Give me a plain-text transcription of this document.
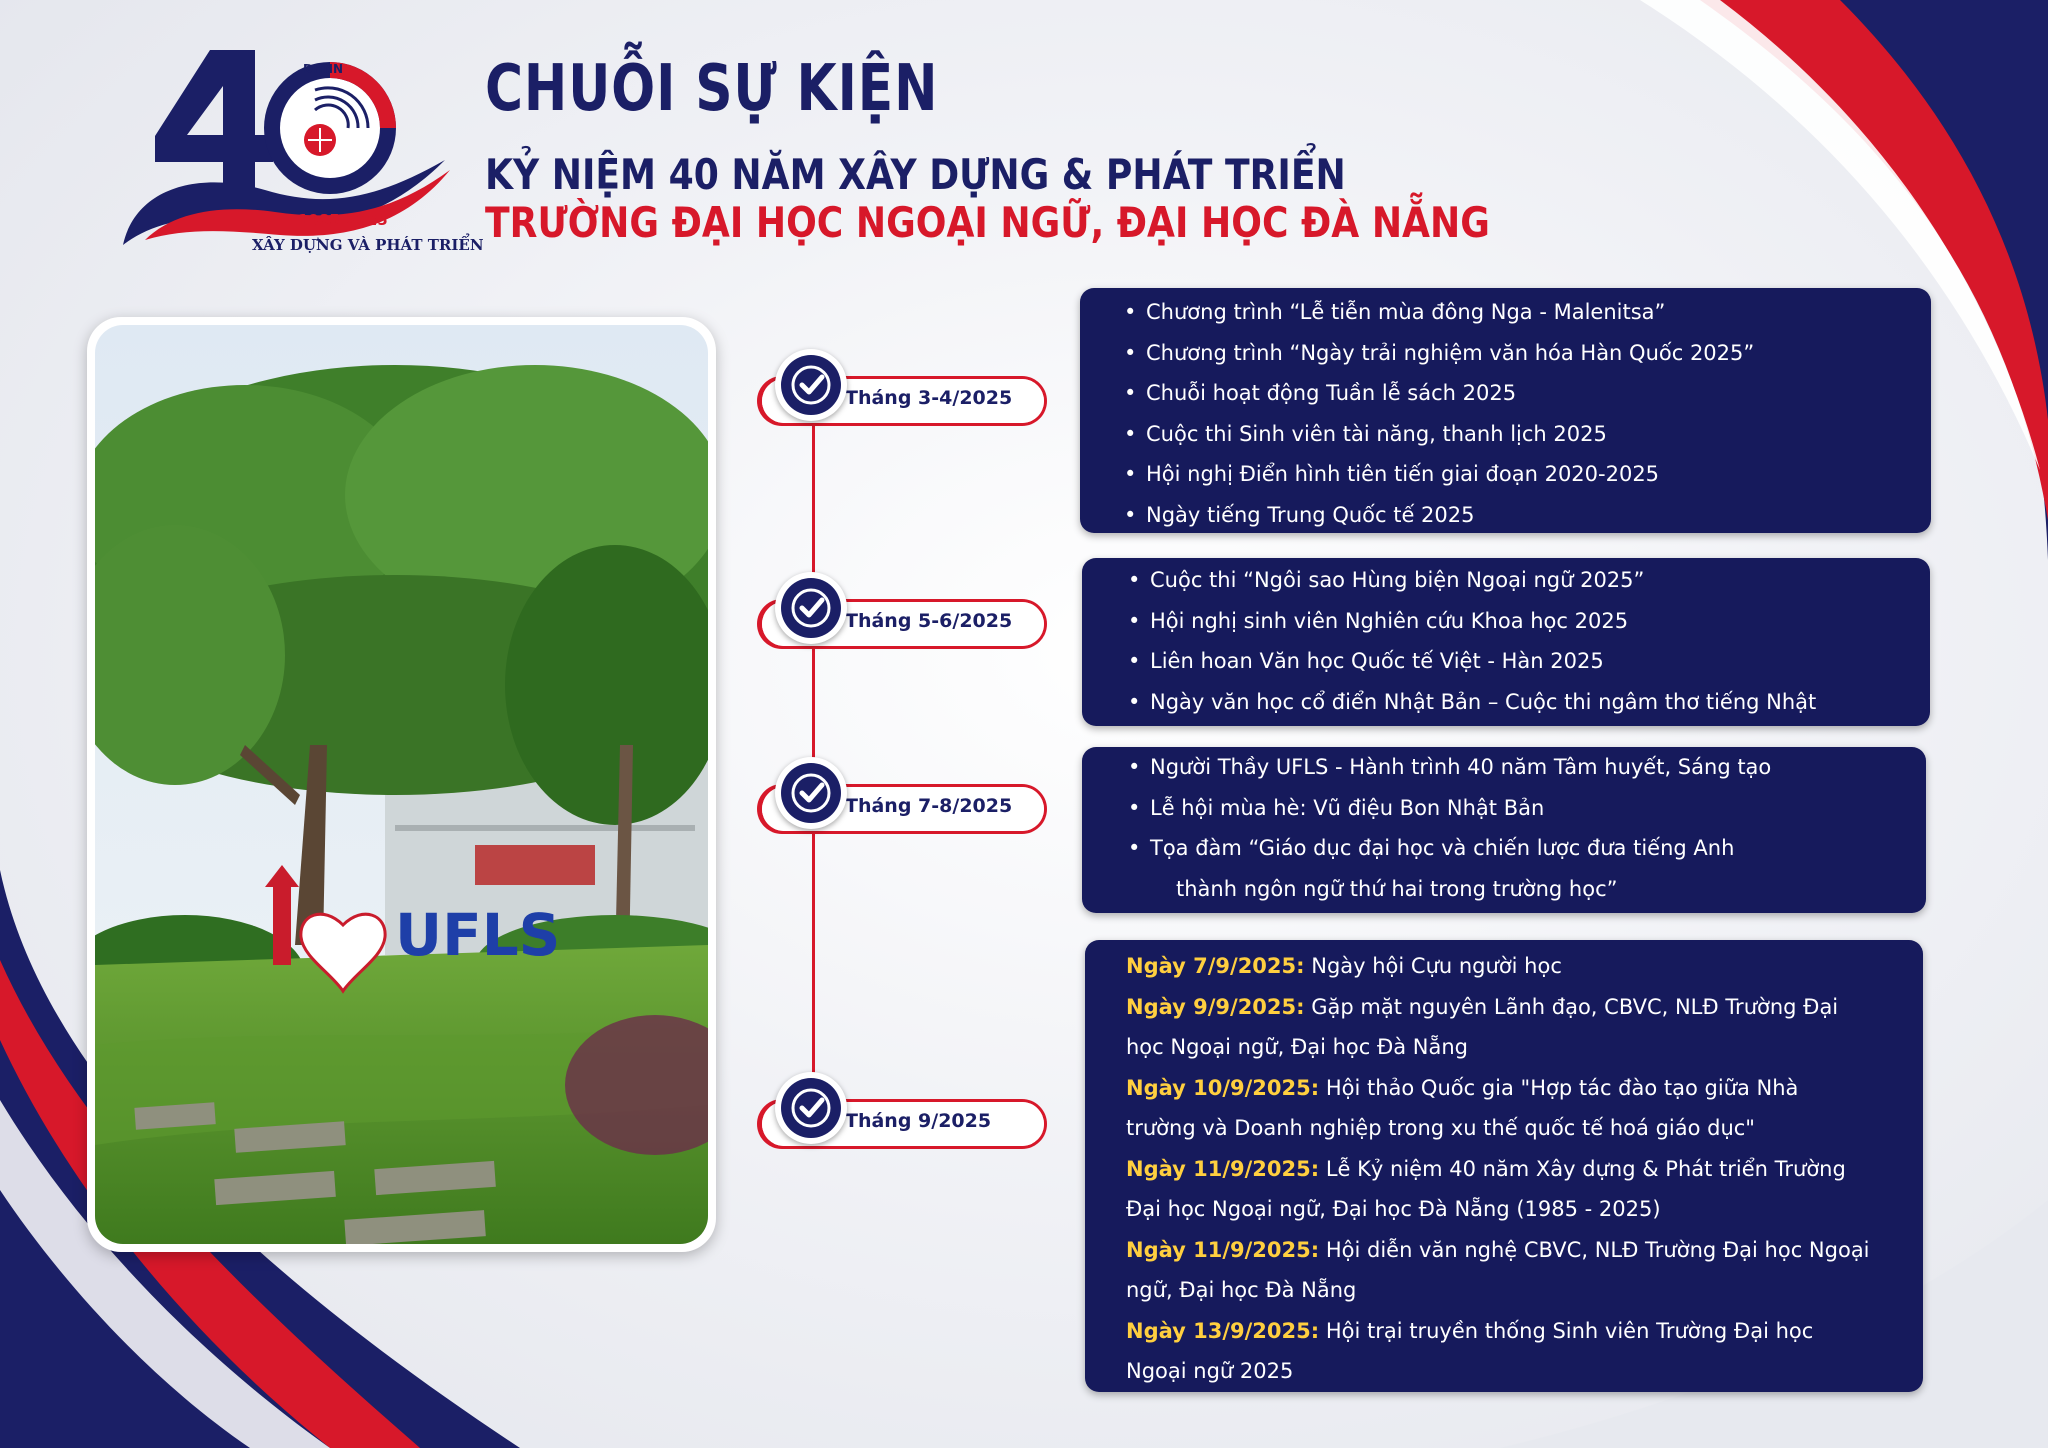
DHNN
1985-2025
XÂY DỰNG VÀ PHÁT TRIỂN
CHUỖI SỰ KIỆN
KỶ NIỆM 40 NĂM XÂY DỰNG & PHÁT TRIỂN
TRƯỜNG ĐẠI HỌC NGOẠI NGỮ, ĐẠI HỌC ĐÀ NẴNG
UFLS
Tháng 3-4/2025
• Chương trình “Lễ tiễn mùa đông Nga - Malenitsa”
• Chương trình “Ngày trải nghiệm văn hóa Hàn Quốc 2025”
• Chuỗi hoạt động Tuần lễ sách 2025
• Cuộc thi Sinh viên tài năng, thanh lịch 2025
• Hội nghị Điển hình tiên tiến giai đoạn 2020-2025
• Ngày tiếng Trung Quốc tế 2025
Tháng 5-6/2025
• Cuộc thi “Ngôi sao Hùng biện Ngoại ngữ 2025”
• Hội nghị sinh viên Nghiên cứu Khoa học 2025
• Liên hoan Văn học Quốc tế Việt - Hàn 2025
• Ngày văn học cổ điển Nhật Bản – Cuộc thi ngâm thơ tiếng Nhật
Tháng 7-8/2025
• Người Thầy UFLS - Hành trình 40 năm Tâm huyết, Sáng tạo
• Lễ hội mùa hè: Vũ điệu Bon Nhật Bản
• Tọa đàm “Giáo dục đại học và chiến lược đưa tiếng Anh
thành ngôn ngữ thứ hai trong trường học”
Tháng 9/2025
Ngày 7/9/2025: Ngày hội Cựu người học
Ngày 9/9/2025: Gặp mặt nguyên Lãnh đạo, CBVC, NLĐ Trường Đại
học Ngoại ngữ, Đại học Đà Nẵng
Ngày 10/9/2025: Hội thảo Quốc gia "Hợp tác đào tạo giữa Nhà
trường và Doanh nghiệp trong xu thế quốc tế hoá giáo dục"
Ngày 11/9/2025: Lễ Kỷ niệm 40 năm Xây dựng & Phát triển Trường
Đại học Ngoại ngữ, Đại học Đà Nẵng (1985 - 2025)
Ngày 11/9/2025: Hội diễn văn nghệ CBVC, NLĐ Trường Đại học Ngoại
ngữ, Đại học Đà Nẵng
Ngày 13/9/2025: Hội trại truyền thống Sinh viên Trường Đại học
Ngoại ngữ 2025
